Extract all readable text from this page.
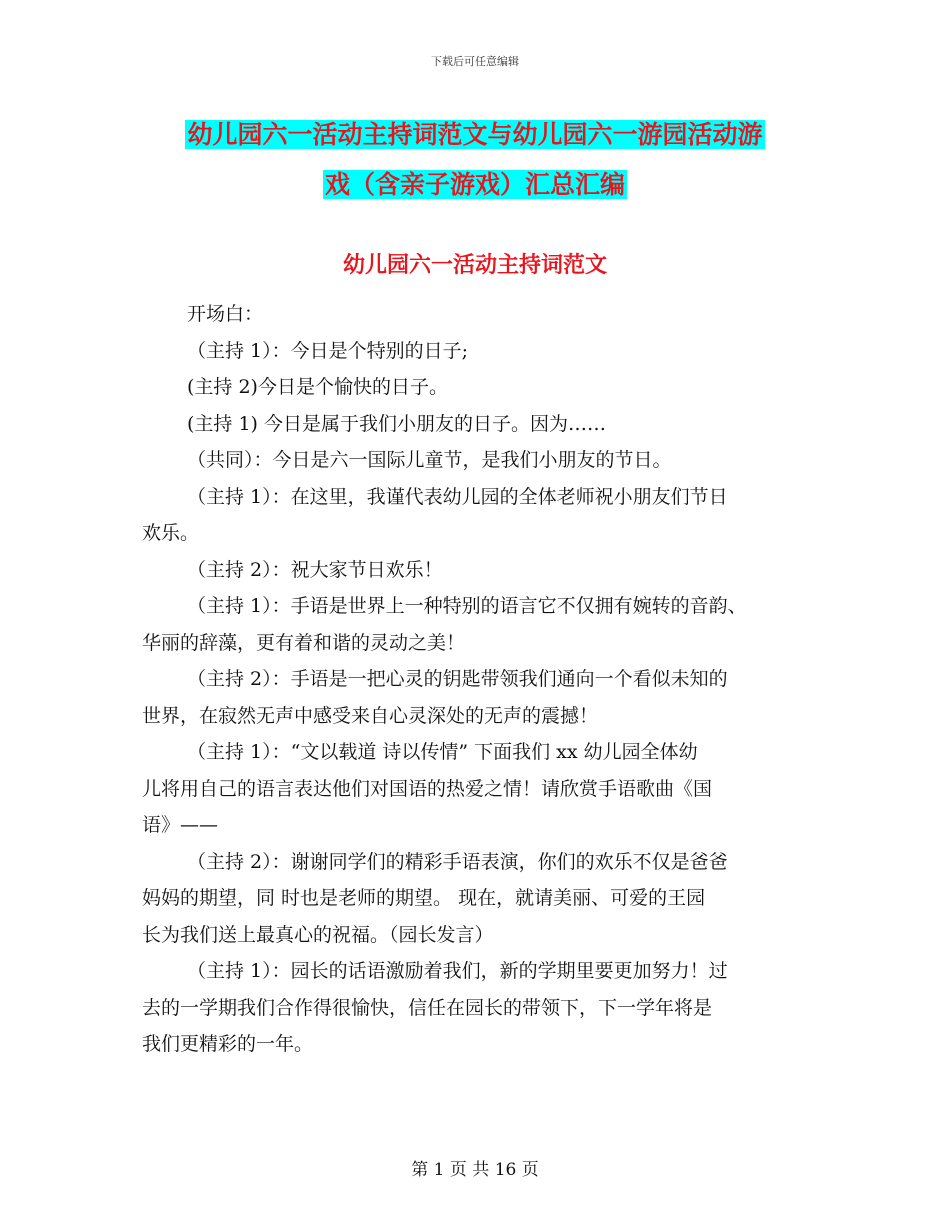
下载后可任意编辑
幼儿园六一活动主持词范文与幼儿园六一游园活动游
戏（含亲子游戏）汇总汇编
幼儿园六一活动主持词范文
开场白：
（主持 1）：今日是个特别的日子;
(主持 2)今日是个愉快的日子。
(主持 1) 今日是属于我们小朋友的日子。因为……
（共同）：今日是六一国际儿童节，是我们小朋友的节日。
（主持 1）：在这里，我谨代表幼儿园的全体老师祝小朋友们节日
欢乐。
（主持 2）：祝大家节日欢乐！
（主持 1）：手语是世界上一种特别的语言它不仅拥有婉转的音韵、
华丽的辞藻，更有着和谐的灵动之美！
（主持 2）：手语是一把心灵的钥匙带领我们通向一个看似未知的
世界，在寂然无声中感受来自心灵深处的无声的震撼！
（主持 1）：“文以载道 诗以传情” 下面我们 xx 幼儿园全体幼
儿将用自己的语言表达他们对国语的热爱之情！请欣赏手语歌曲《国
语》——
（主持 2）：谢谢同学们的精彩手语表演，你们的欢乐不仅是爸爸
妈妈的期望，同 时也是老师的期望。 现在，就请美丽、可爱的王园
长为我们送上最真心的祝福。（园长发言）
（主持 1）：园长的话语激励着我们，新的学期里要更加努力！过
去的一学期我们合作得很愉快，信任在园长的带领下，下一学年将是
我们更精彩的一年。
第 1 页 共 16 页
